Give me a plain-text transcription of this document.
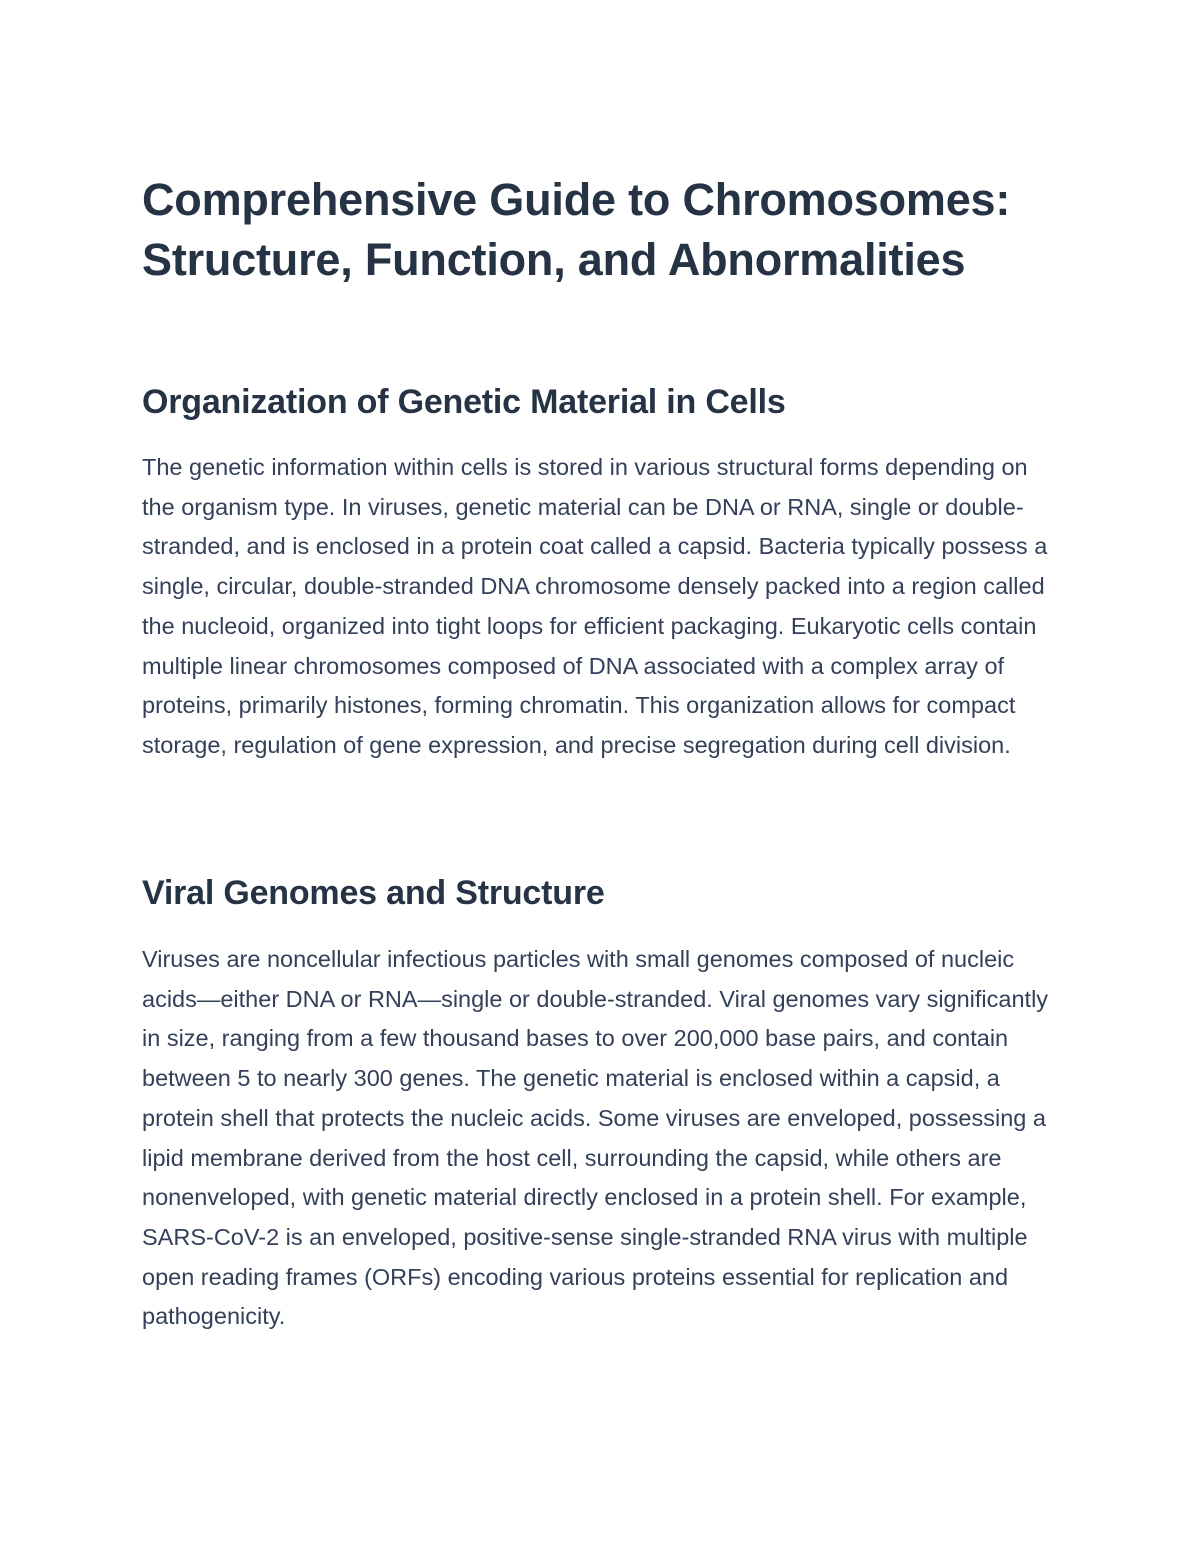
Comprehensive Guide to Chromosomes: Structure, Function, and Abnormalities
Organization of Genetic Material in Cells

The genetic information within cells is stored in various structural forms depending on the organism type. In viruses, genetic material can be DNA or RNA, single or double-stranded, and is enclosed in a protein coat called a capsid. Bacteria typically possess a single, circular, double-stranded DNA chromosome densely packed into a region called the nucleoid, organized into tight loops for efficient packaging. Eukaryotic cells contain multiple linear chromosomes composed of DNA associated with a complex array of proteins, primarily histones, forming chromatin. This organization allows for compact storage, regulation of gene expression, and precise segregation during cell division.

Viral Genomes and Structure

Viruses are noncellular infectious particles with small genomes composed of nucleic acids—either DNA or RNA—single or double-stranded. Viral genomes vary significantly in size, ranging from a few thousand bases to over 200,000 base pairs, and contain between 5 to nearly 300 genes. The genetic material is enclosed within a capsid, a protein shell that protects the nucleic acids. Some viruses are enveloped, possessing a lipid membrane derived from the host cell, surrounding the capsid, while others are nonenveloped, with genetic material directly enclosed in a protein shell. For example, SARS-CoV-2 is an enveloped, positive-sense single-stranded RNA virus with multiple open reading frames (ORFs) encoding various proteins essential for replication and pathogenicity.
